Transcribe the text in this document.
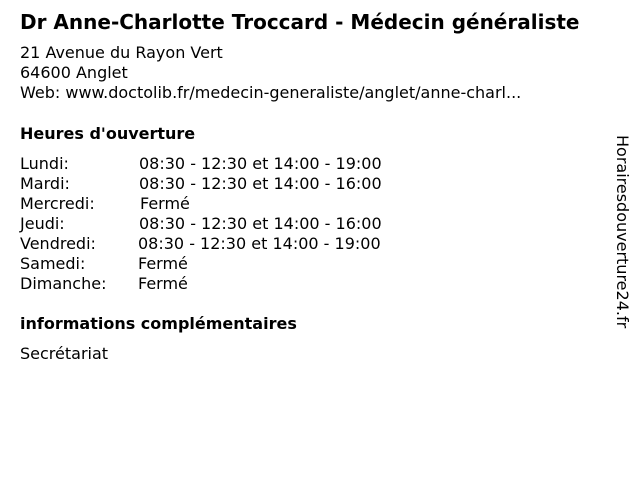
Dr Anne-Charlotte Troccard - Médecin généraliste
21 Avenue du Rayon Vert
64600 Anglet
Web: www.doctolib.fr/medecin-generaliste/anglet/anne-charl...
Heures d'ouverture
Lundi:	08:30 - 12:30 et 14:00 - 19:00
Mardi:	08:30 - 12:30 et 14:00 - 16:00
Mercredi:	Fermé
Jeudi:	08:30 - 12:30 et 14:00 - 16:00
Vendredi:	08:30 - 12:30 et 14:00 - 19:00
Samedi:	Fermé
Dimanche: Fermé
informations complémentaires
Secrétariat
Horairesdouverture24.fr
